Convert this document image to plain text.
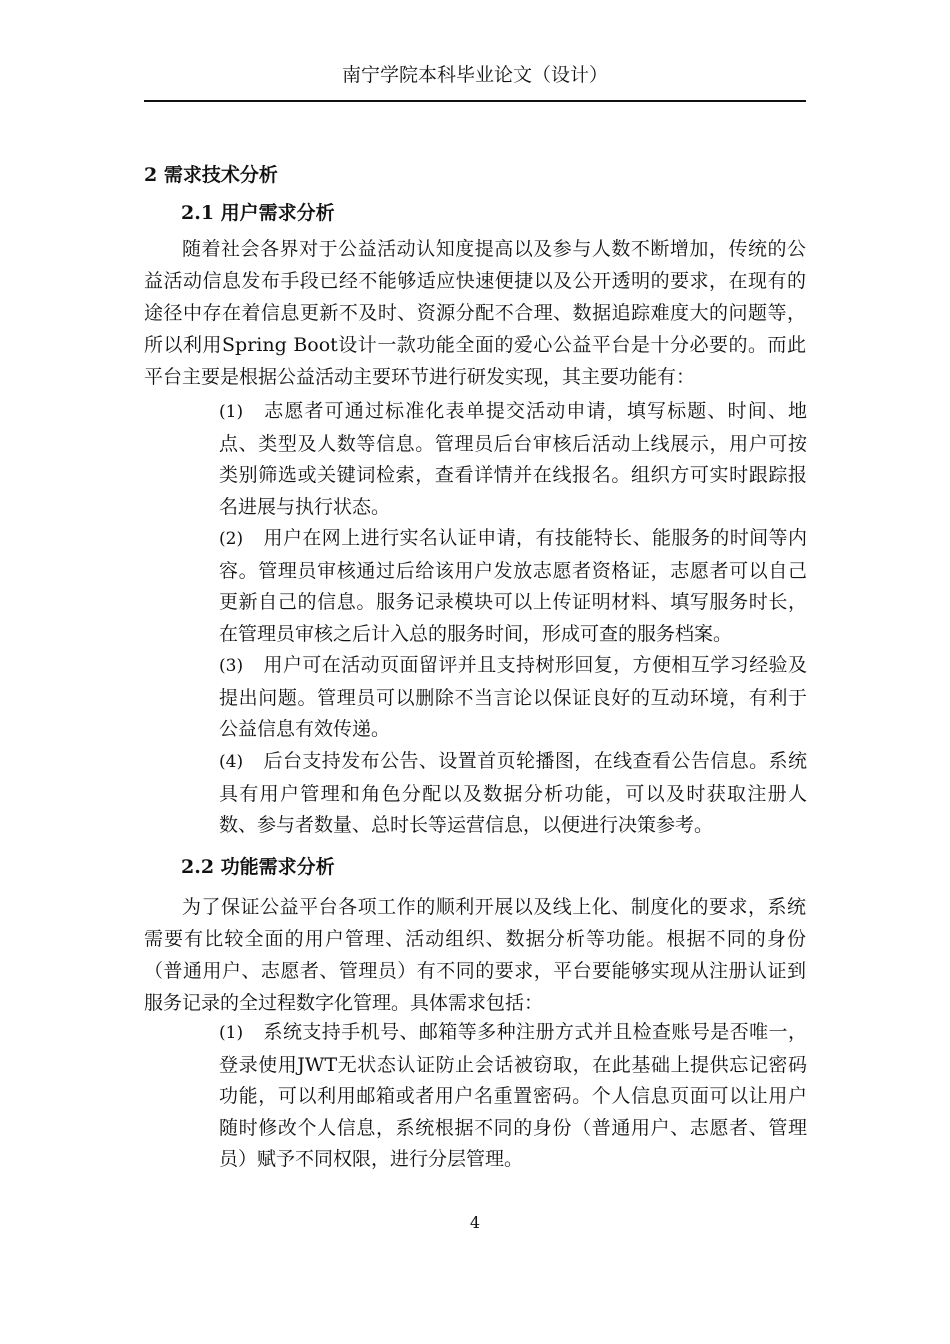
南宁学院本科毕业论文（设计）
2 需求技术分析
2.1 用户需求分析

随着社会各界对于公益活动认知度提高以及参与人数不断增加，传统的公益活动信息发布手段已经不能够适应快速便捷以及公开透明的要求，在现有的途径中存在着信息更新不及时、资源分配不合理、数据追踪难度大的问题等，所以利用Spring Boot设计一款功能全面的爱心公益平台是十分必要的。而此平台主要是根据公益活动主要环节进行研发实现，其主要功能有：

(1) 志愿者可通过标准化表单提交活动申请，填写标题、时间、地点、类型及人数等信息。管理员后台审核后活动上线展示，用户可按类别筛选或关键词检索，查看详情并在线报名。组织方可实时跟踪报名进展与执行状态。

(2) 用户在网上进行实名认证申请，有技能特长、能服务的时间等内容。管理员审核通过后给该用户发放志愿者资格证，志愿者可以自己更新自己的信息。服务记录模块可以上传证明材料、填写服务时长，在管理员审核之后计入总的服务时间，形成可查的服务档案。

(3) 用户可在活动页面留评并且支持树形回复，方便相互学习经验及提出问题。管理员可以删除不当言论以保证良好的互动环境，有利于公益信息有效传递。

(4) 后台支持发布公告、设置首页轮播图，在线查看公告信息。系统具有用户管理和角色分配以及数据分析功能，可以及时获取注册人数、参与者数量、总时长等运营信息，以便进行决策参考。

2.2 功能需求分析

为了保证公益平台各项工作的顺利开展以及线上化、制度化的要求，系统需要有比较全面的用户管理、活动组织、数据分析等功能。根据不同的身份（普通用户、志愿者、管理员）有不同的要求，平台要能够实现从注册认证到服务记录的全过程数字化管理。具体需求包括：

(1) 系统支持手机号、邮箱等多种注册方式并且检查账号是否唯一，登录使用JWT无状态认证防止会话被窃取，在此基础上提供忘记密码功能，可以利用邮箱或者用户名重置密码。个人信息页面可以让用户随时修改个人信息，系统根据不同的身份（普通用户、志愿者、管理员）赋予不同权限，进行分层管理。

4
